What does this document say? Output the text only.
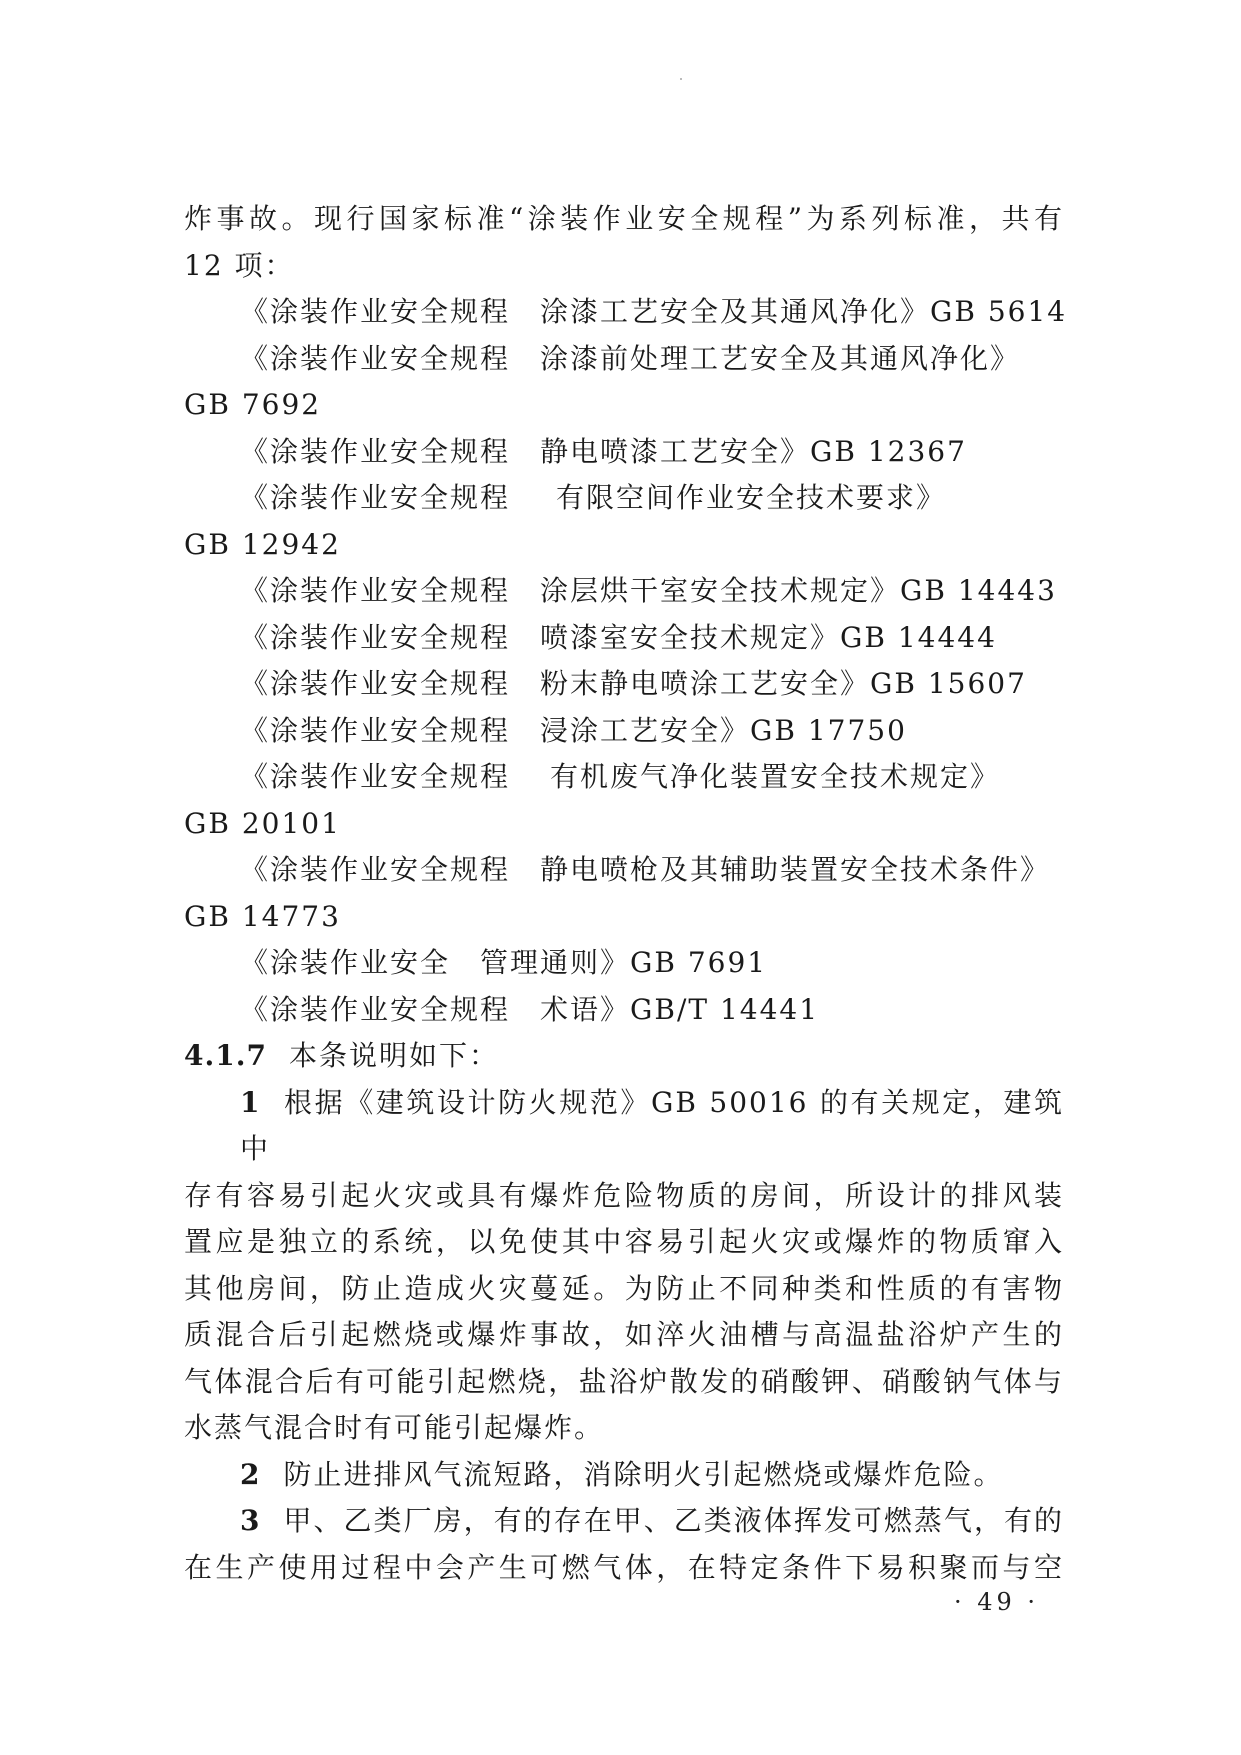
炸事故。现行国家标准“涂装作业安全规程”为系列标准，共有
12 项：
《涂装作业安全规程 涂漆工艺安全及其通风净化》GB 5614
《涂装作业安全规程 涂漆前处理工艺安全及其通风净化》
GB 7692
《涂装作业安全规程 静电喷漆工艺安全》GB 12367
《涂装作业安全规程 有限空间作业安全技术要求》
GB 12942
《涂装作业安全规程 涂层烘干室安全技术规定》GB 14443
《涂装作业安全规程 喷漆室安全技术规定》GB 14444
《涂装作业安全规程 粉末静电喷涂工艺安全》GB 15607
《涂装作业安全规程 浸涂工艺安全》GB 17750
《涂装作业安全规程 有机废气净化装置安全技术规定》
GB 20101
《涂装作业安全规程 静电喷枪及其辅助装置安全技术条件》
GB 14773
《涂装作业安全 管理通则》GB 7691
《涂装作业安全规程 术语》GB/T 14441
4.1.7 本条说明如下：
1 根据《建筑设计防火规范》GB 50016 的有关规定，建筑中
存有容易引起火灾或具有爆炸危险物质的房间，所设计的排风装
置应是独立的系统，以免使其中容易引起火灾或爆炸的物质窜入
其他房间，防止造成火灾蔓延。为防止不同种类和性质的有害物
质混合后引起燃烧或爆炸事故，如淬火油槽与高温盐浴炉产生的
气体混合后有可能引起燃烧，盐浴炉散发的硝酸钾、硝酸钠气体与
水蒸气混合时有可能引起爆炸。
2 防止进排风气流短路，消除明火引起燃烧或爆炸危险。
3 甲、乙类厂房，有的存在甲、乙类液体挥发可燃蒸气，有的
在生产使用过程中会产生可燃气体，在特定条件下易积聚而与空
· 49 ·
